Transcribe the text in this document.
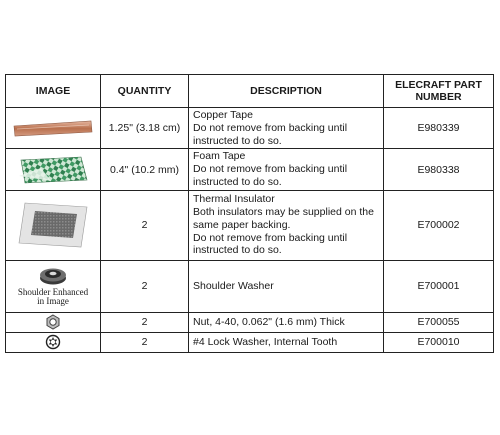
IMAGE	QUANTITY	DESCRIPTION	ELECRAFT PART
NUMBER

	1.25" (3.18 cm)	Copper Tape
Do not remove from backing until instructed to do so.	E980339

	0.4" (10.2 mm)	Foam Tape
Do not remove from backing until instructed to do so.	E980338

	2	Thermal Insulator
Both insulators may be supplied on the same paper backing.
Do not remove from backing until instructed to do so.	E700002

Shoulder Enhanced
in Image	2	Shoulder Washer	E700001

	2	Nut, 4-40, 0.062" (1.6 mm) Thick	E700055

	2	#4 Lock Washer, Internal Tooth	E700010
